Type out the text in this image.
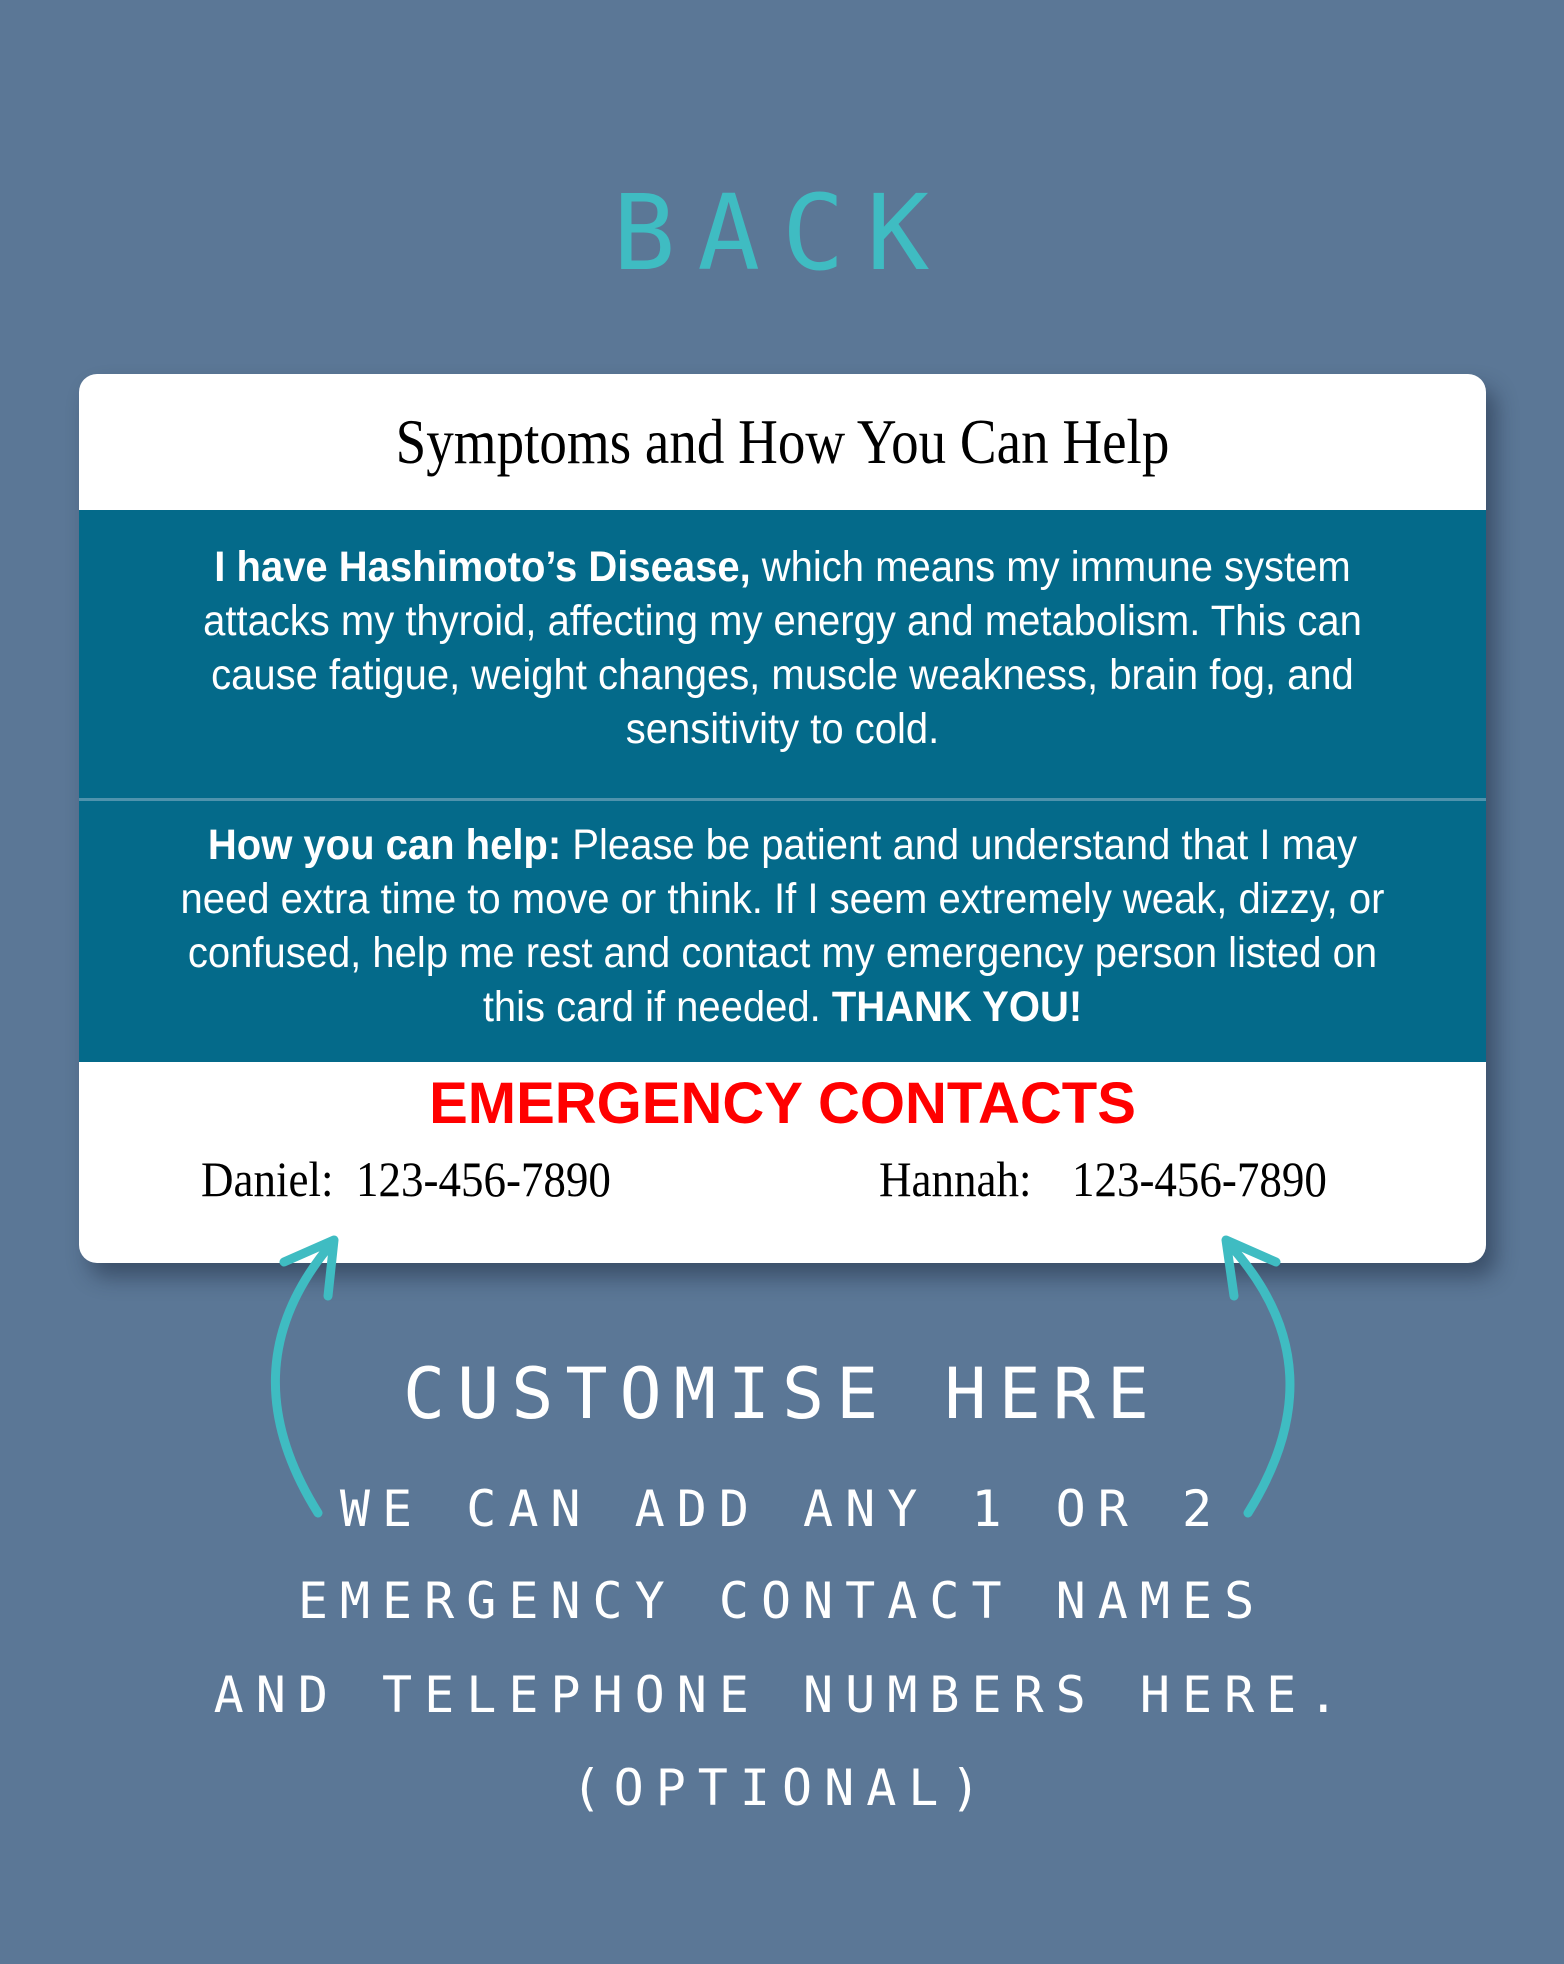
BACK
Symptoms and How You Can Help
I have Hashimoto’s Disease, which means my immune system attacks my thyroid, affecting my energy and metabolism. This can cause fatigue, weight changes, muscle weakness, brain fog, and sensitivity to cold.
How you can help: Please be patient and understand that I may need extra time to move or think. If I seem extremely weak, dizzy, or confused, help me rest and contact my emergency person listed on this card if needed. THANK YOU!
EMERGENCY CONTACTS
Daniel: 123-456-7890	Hannah: 123-456-7890
CUSTOMISE HERE
WE CAN ADD ANY 1 OR 2
EMERGENCY CONTACT NAMES
AND TELEPHONE NUMBERS HERE.
(OPTIONAL)
